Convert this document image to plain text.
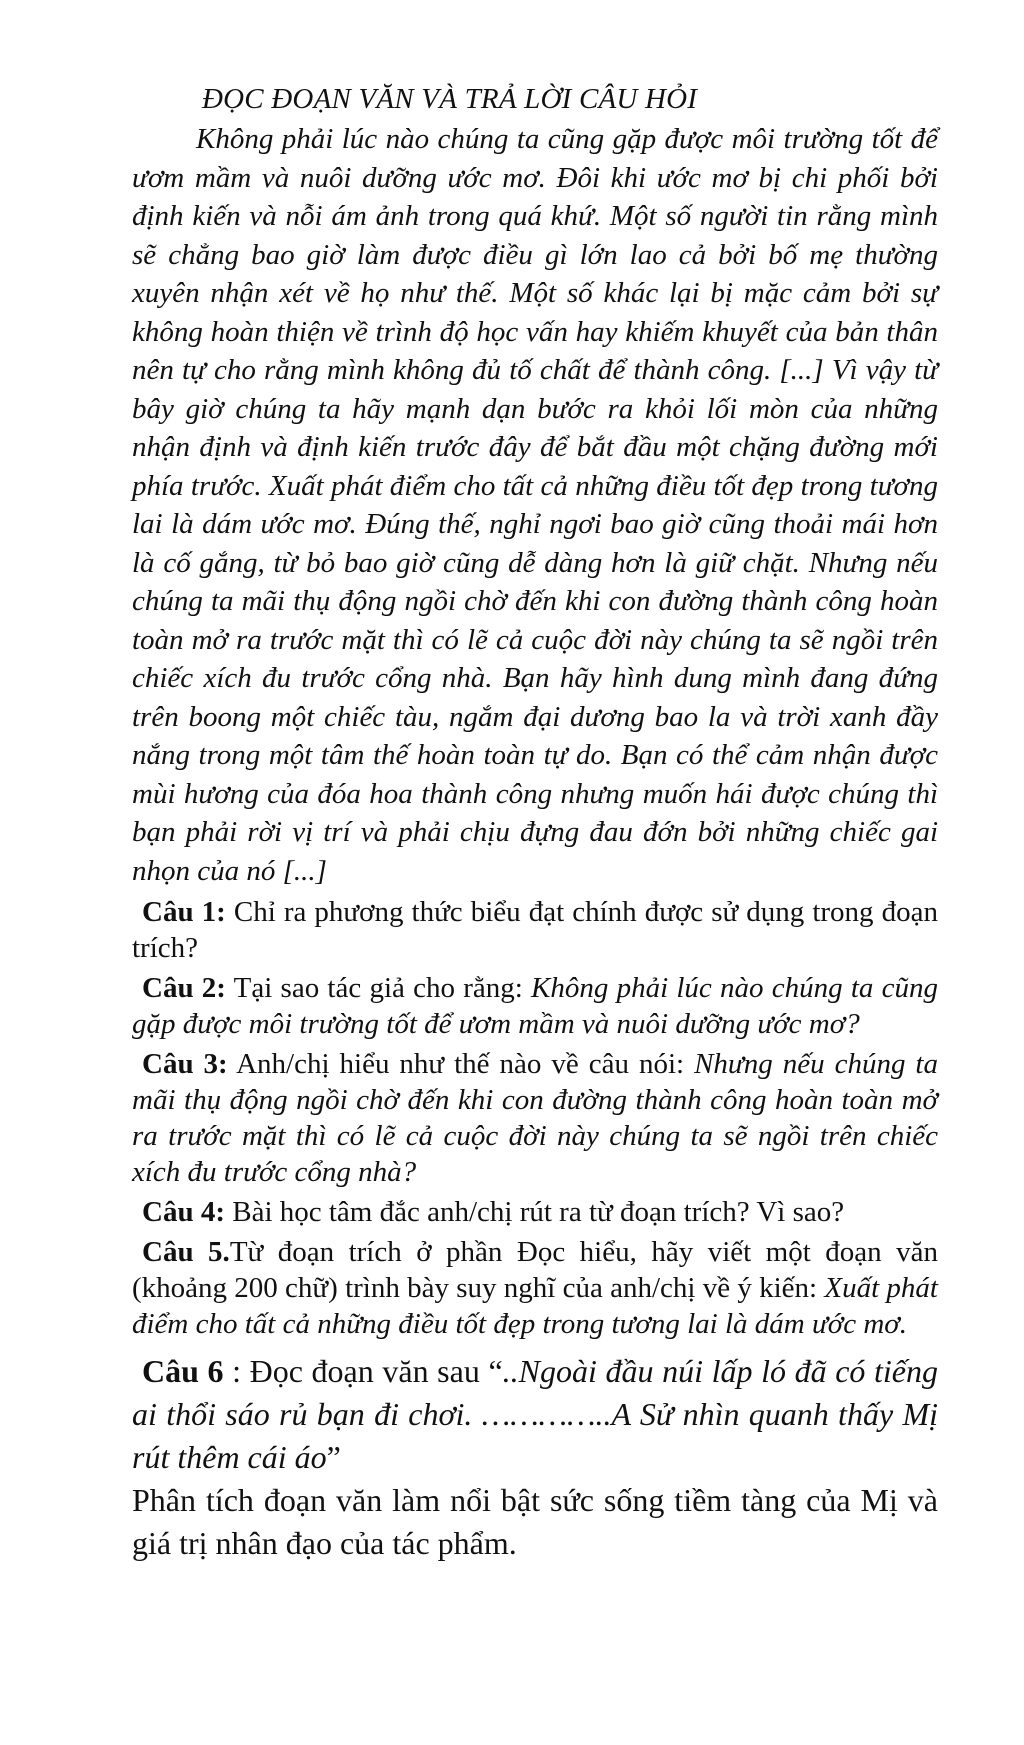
ĐỌC ĐOẠN VĂN VÀ TRẢ LỜI CÂU HỎI

Không phải lúc nào chúng ta cũng gặp được môi trường tốt để ươm mầm và nuôi dưỡng ước mơ. Đôi khi ước mơ bị chi phối bởi định kiến và nỗi ám ảnh trong quá khứ. Một số người tin rằng mình sẽ chẳng bao giờ làm được điều gì lớn lao cả bởi bố mẹ thường xuyên nhận xét về họ như thế. Một số khác lại bị mặc cảm bởi sự không hoàn thiện về trình độ học vấn hay khiếm khuyết của bản thân nên tự cho rằng mình không đủ tố chất để thành công. [...] Vì vậy từ bây giờ chúng ta hãy mạnh dạn bước ra khỏi lối mòn của những nhận định và định kiến trước đây để bắt đầu một chặng đường mới phía trước. Xuất phát điểm cho tất cả những điều tốt đẹp trong tương lai là dám ước mơ. Đúng thế, nghỉ ngơi bao giờ cũng thoải mái hơn là cố gắng, từ bỏ bao giờ cũng dễ dàng hơn là giữ chặt. Nhưng nếu chúng ta mãi thụ động ngồi chờ đến khi con đường thành công hoàn toàn mở ra trước mặt thì có lẽ cả cuộc đời này chúng ta sẽ ngồi trên chiếc xích đu trước cổng nhà. Bạn hãy hình dung mình đang đứng trên boong một chiếc tàu, ngắm đại dương bao la và trời xanh đầy nắng trong một tâm thế hoàn toàn tự do. Bạn có thể cảm nhận được mùi hương của đóa hoa thành công nhưng muốn hái được chúng thì bạn phải rời vị trí và phải chịu đựng đau đớn bởi những chiếc gai nhọn của nó [...]

Câu 1: Chỉ ra phương thức biểu đạt chính được sử dụng trong đoạn trích?

Câu 2: Tại sao tác giả cho rằng: Không phải lúc nào chúng ta cũng gặp được môi trường tốt để ươm mầm và nuôi dưỡng ước mơ?

Câu 3: Anh/chị hiểu như thế nào về câu nói: Nhưng nếu chúng ta mãi thụ động ngồi chờ đến khi con đường thành công hoàn toàn mở ra trước mặt thì có lẽ cả cuộc đời này chúng ta sẽ ngồi trên chiếc xích đu trước cổng nhà?

Câu 4: Bài học tâm đắc anh/chị rút ra từ đoạn trích? Vì sao?

Câu 5.Từ đoạn trích ở phần Đọc hiểu, hãy viết một đoạn văn (khoảng 200 chữ) trình bày suy nghĩ của anh/chị về ý kiến: Xuất phát điểm cho tất cả những điều tốt đẹp trong tương lai là dám ước mơ.

Câu 6 : Đọc đoạn văn sau “..Ngoài đầu núi lấp ló đã có tiếng ai thổi sáo rủ bạn đi chơi. …………..A Sử nhìn quanh thấy Mị rút thêm cái áo”

Phân tích đoạn văn làm nổi bật sức sống tiềm tàng của Mị và giá trị nhân đạo của tác phẩm.
